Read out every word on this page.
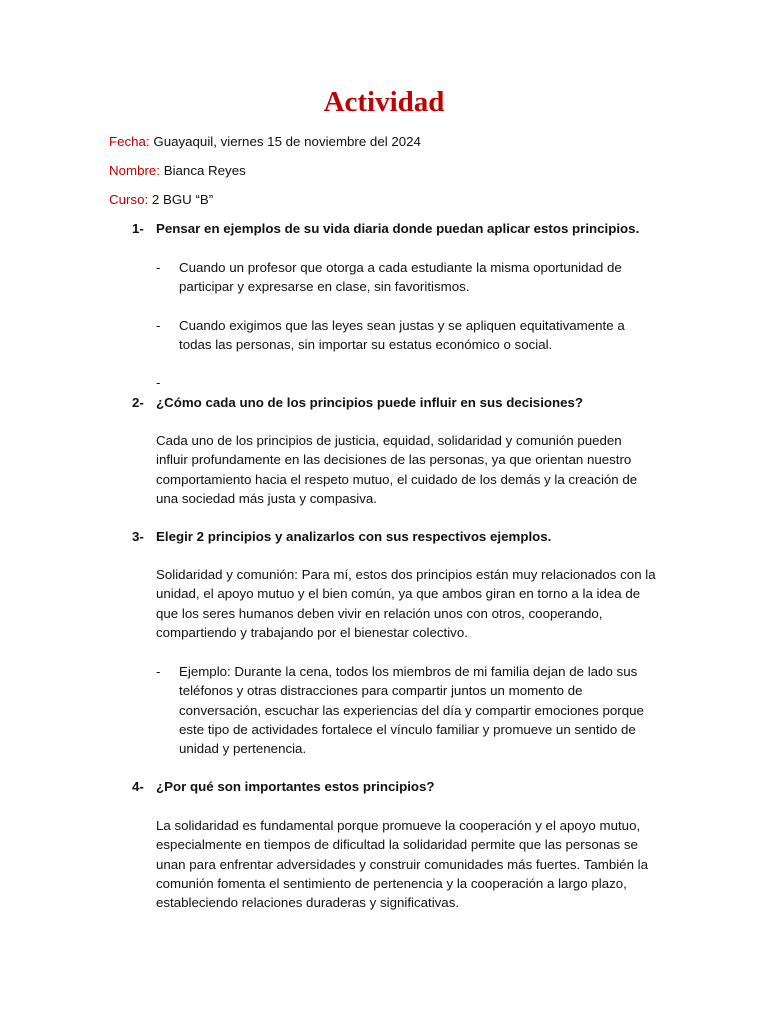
Actividad

Fecha: Guayaquil, viernes 15 de noviembre del 2024

Nombre: Bianca Reyes

Curso: 2 BGU “B”

1- Pensar en ejemplos de su vida diaria donde puedan aplicar estos principios.

- Cuando un profesor que otorga a cada estudiante la misma oportunidad de participar y expresarse en clase, sin favoritismos.
- Cuando exigimos que las leyes sean justas y se apliquen equitativamente a todas las personas, sin importar su estatus económico o social.

-

2- ¿Cómo cada uno de los principios puede influir en sus decisiones?

Cada uno de los principios de justicia, equidad, solidaridad y comunión pueden influir profundamente en las decisiones de las personas, ya que orientan nuestro comportamiento hacia el respeto mutuo, el cuidado de los demás y la creación de una sociedad más justa y compasiva.

3- Elegir 2 principios y analizarlos con sus respectivos ejemplos.

Solidaridad y comunión: Para mí, estos dos principios están muy relacionados con la unidad, el apoyo mutuo y el bien común, ya que ambos giran en torno a la idea de que los seres humanos deben vivir en relación unos con otros, cooperando, compartiendo y trabajando por el bienestar colectivo.

- Ejemplo: Durante la cena, todos los miembros de mi familia dejan de lado sus teléfonos y otras distracciones para compartir juntos un momento de conversación, escuchar las experiencias del día y compartir emociones porque este tipo de actividades fortalece el vínculo familiar y promueve un sentido de unidad y pertenencia.

4- ¿Por qué son importantes estos principios?

La solidaridad es fundamental porque promueve la cooperación y el apoyo mutuo, especialmente en tiempos de dificultad la solidaridad permite que las personas se unan para enfrentar adversidades y construir comunidades más fuertes. También la comunión fomenta el sentimiento de pertenencia y la cooperación a largo plazo, estableciendo relaciones duraderas y significativas.
